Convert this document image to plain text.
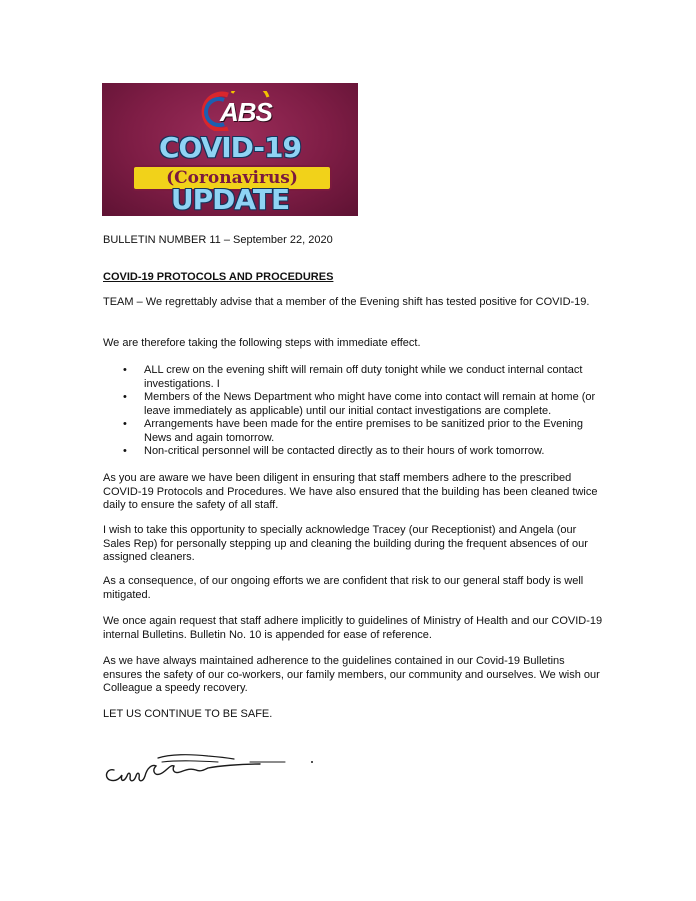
ABS
COVID-19
(Coronavirus)
UPDATE

BULLETIN NUMBER 11 – September 22, 2020

COVID-19 PROTOCOLS AND PROCEDURES

TEAM – We regrettably advise that a member of the Evening shift has tested positive for COVID-19.

We are therefore taking the following steps with immediate effect.

• ALL crew on the evening shift will remain off duty tonight while we conduct internal contact investigations. I
• Members of the News Department who might have come into contact will remain at home (or leave immediately as applicable) until our initial contact investigations are complete.
• Arrangements have been made for the entire premises to be sanitized prior to the Evening News and again tomorrow.
• Non-critical personnel will be contacted directly as to their hours of work tomorrow.

As you are aware we have been diligent in ensuring that staff members adhere to the prescribed COVID-19 Protocols and Procedures. We have also ensured that the building has been cleaned twice daily to ensure the safety of all staff.

I wish to take this opportunity to specially acknowledge Tracey (our Receptionist) and Angela (our Sales Rep) for personally stepping up and cleaning the building during the frequent absences of our assigned cleaners.

As a consequence, of our ongoing efforts we are confident that risk to our general staff body is well mitigated.

We once again request that staff adhere implicitly to guidelines of Ministry of Health and our COVID-19 internal Bulletins. Bulletin No. 10 is appended for ease of reference.

As we have always maintained adherence to the guidelines contained in our Covid-19 Bulletins ensures the safety of our co-workers, our family members, our community and ourselves. We wish our Colleague a speedy recovery.

LET US CONTINUE TO BE SAFE.
